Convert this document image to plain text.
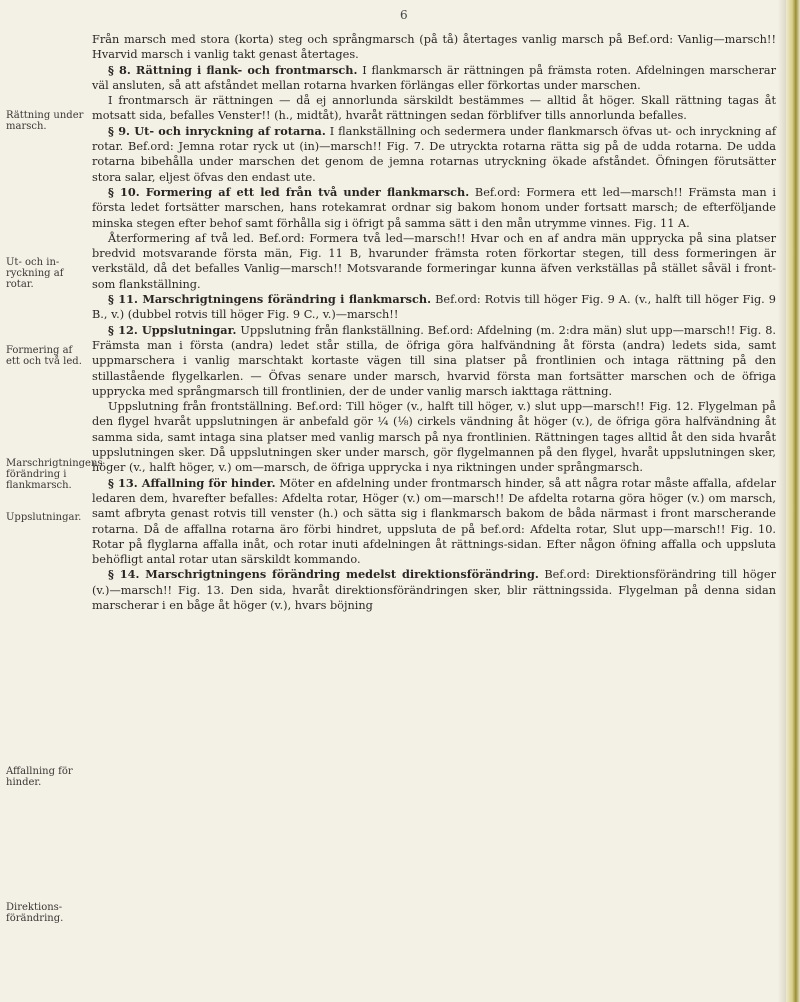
6
Rättning under marsch.
Ut- och in-ryckning af rotar.
Formering af ett och två led.
Marschrigtningens förändring i flankmarsch.
Uppslutningar.
Affallning för hinder.
Direktions-förändring.

Från marsch med stora (korta) steg och språngmarsch (på tå) återtages vanlig marsch på Bef.ord: Vanlig—marsch!! Hvarvid marsch i vanlig takt genast återtages.

§ 8. Rättning i flank- och frontmarsch. I flankmarsch är rättningen på främsta roten. Afdelningen marscherar väl ansluten, så att afståndet mellan rotarna hvarken förlängas eller förkortas under marschen.

I frontmarsch är rättningen — då ej annorlunda särskildt bestämmes — alltid åt höger. Skall rättning tagas åt motsatt sida, befalles Venster!! (h., midtåt), hvaråt rättningen sedan förblifver tills annorlunda befalles.

§ 9. Ut- och inryckning af rotarna. I flankställning och sedermera under flankmarsch öfvas ut- och inryckning af rotar. Bef.ord: Jemna rotar ryck ut (in)—marsch!! Fig. 7. De utryckta rotarna rätta sig på de udda rotarna. De udda rotarna bibehålla under marschen det genom de jemna rotarnas utryckning ökade afståndet. Öfningen förutsätter stora salar, eljest öfvas den endast ute.

§ 10. Formering af ett led från två under flankmarsch. Bef.ord: Formera ett led—marsch!! Främsta man i första ledet fortsätter marschen, hans rotekamrat ordnar sig bakom honom under fortsatt marsch; de efterföljande minska stegen efter behof samt förhålla sig i öfrigt på samma sätt i den mån utrymme vinnes. Fig. 11 A.

Återformering af två led. Bef.ord: Formera två led—marsch!! Hvar och en af andra män upprycka på sina platser bredvid motsvarande första män, Fig. 11 B, hvarunder främsta roten förkortar stegen, till dess formeringen är verkstäld, då det befalles Vanlig—marsch!! Motsvarande formeringar kunna äfven verkställas på stället såväl i front- som flankställning.

§ 11. Marschrigtningens förändring i flankmarsch. Bef.ord: Rotvis till höger Fig. 9 A. (v., halft till höger Fig. 9 B., v.) (dubbel rotvis till höger Fig. 9 C., v.)—marsch!!

§ 12. Uppslutningar. Uppslutning från flankställning. Bef.ord: Afdelning (m. 2:dra män) slut upp—marsch!! Fig. 8. Främsta man i första (andra) ledet står stilla, de öfriga göra halfvändning åt första (andra) ledets sida, samt uppmarschera i vanlig marschtakt kortaste vägen till sina platser på frontlinien och intaga rättning på den stillastående flygelkarlen. — Öfvas senare under marsch, hvarvid första man fortsätter marschen och de öfriga upprycka med språngmarsch till frontlinien, der de under vanlig marsch iakttaga rättning.

Uppslutning från frontställning. Bef.ord: Till höger (v., halft till höger, v.) slut upp—marsch!! Fig. 12. Flygelman på den flygel hvaråt uppslutningen är anbefald gör ¼ (⅛) cirkels vändning åt höger (v.), de öfriga göra halfvändning åt samma sida, samt intaga sina platser med vanlig marsch på nya frontlinien. Rättningen tages alltid åt den sida hvaråt uppslutningen sker. Då uppslutningen sker under marsch, gör flygelmannen på den flygel, hvaråt uppslutningen sker, höger (v., halft höger, v.) om—marsch, de öfriga upprycka i nya riktningen under språngmarsch.

§ 13. Affallning för hinder. Möter en afdelning under frontmarsch hinder, så att några rotar måste affalla, afdelar ledaren dem, hvarefter befalles: Afdelta rotar, Höger (v.) om—marsch!! De afdelta rotarna göra höger (v.) om marsch, samt afbryta genast rotvis till venster (h.) och sätta sig i flankmarsch bakom de båda närmast i front marscherande rotarna. Då de affallna rotarna äro förbi hindret, uppsluta de på bef.ord: Afdelta rotar, Slut upp—marsch!! Fig. 10. Rotar på flyglarna affalla inåt, och rotar inuti afdelningen åt rättnings-sidan. Efter någon öfning affalla och uppsluta behöfligt antal rotar utan särskildt kommando.

§ 14. Marschrigtningens förändring medelst direktionsförändring. Bef.ord: Direktionsförändring till höger (v.)—marsch!! Fig. 13. Den sida, hvaråt direktionsförändringen sker, blir rättningssida. Flygelman på denna sidan marscherar i en båge åt höger (v.), hvars böjning
